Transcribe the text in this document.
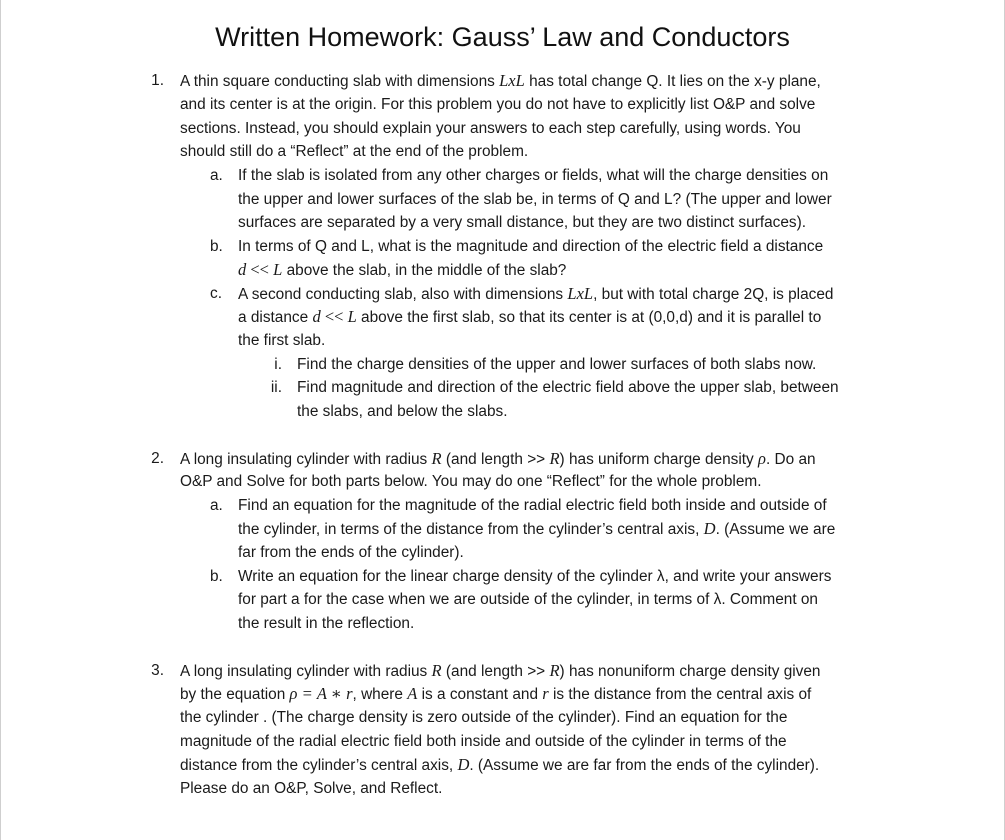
Written Homework: Gauss’ Law and Conductors
1. A thin square conducting slab with dimensions LxL has total change Q. It lies on the x-y plane,
and its center is at the origin. For this problem you do not have to explicitly list O&P and solve
sections. Instead, you should explain your answers to each step carefully, using words. You
should still do a “Reflect” at the end of the problem.
a. If the slab is isolated from any other charges or fields, what will the charge densities on
the upper and lower surfaces of the slab be, in terms of Q and L? (The upper and lower
surfaces are separated by a very small distance, but they are two distinct surfaces).
b. In terms of Q and L, what is the magnitude and direction of the electric field a distance
d << L above the slab, in the middle of the slab?
c. A second conducting slab, also with dimensions LxL, but with total charge 2Q, is placed
a distance d << L above the first slab, so that its center is at (0,0,d) and it is parallel to
the first slab.
i. Find the charge densities of the upper and lower surfaces of both slabs now.
ii. Find magnitude and direction of the electric field above the upper slab, between
the slabs, and below the slabs.
2. A long insulating cylinder with radius R (and length >> R) has uniform charge density ρ. Do an
O&P and Solve for both parts below. You may do one “Reflect” for the whole problem.
a. Find an equation for the magnitude of the radial electric field both inside and outside of
the cylinder, in terms of the distance from the cylinder’s central axis, D. (Assume we are
far from the ends of the cylinder).
b. Write an equation for the linear charge density of the cylinder λ, and write your answers
for part a for the case when we are outside of the cylinder, in terms of λ. Comment on
the result in the reflection.
3. A long insulating cylinder with radius R (and length >> R) has nonuniform charge density given
by the equation ρ = A ∗ r, where A is a constant and r is the distance from the central axis of
the cylinder . (The charge density is zero outside of the cylinder). Find an equation for the
magnitude of the radial electric field both inside and outside of the cylinder in terms of the
distance from the cylinder’s central axis, D. (Assume we are far from the ends of the cylinder).
Please do an O&P, Solve, and Reflect.
